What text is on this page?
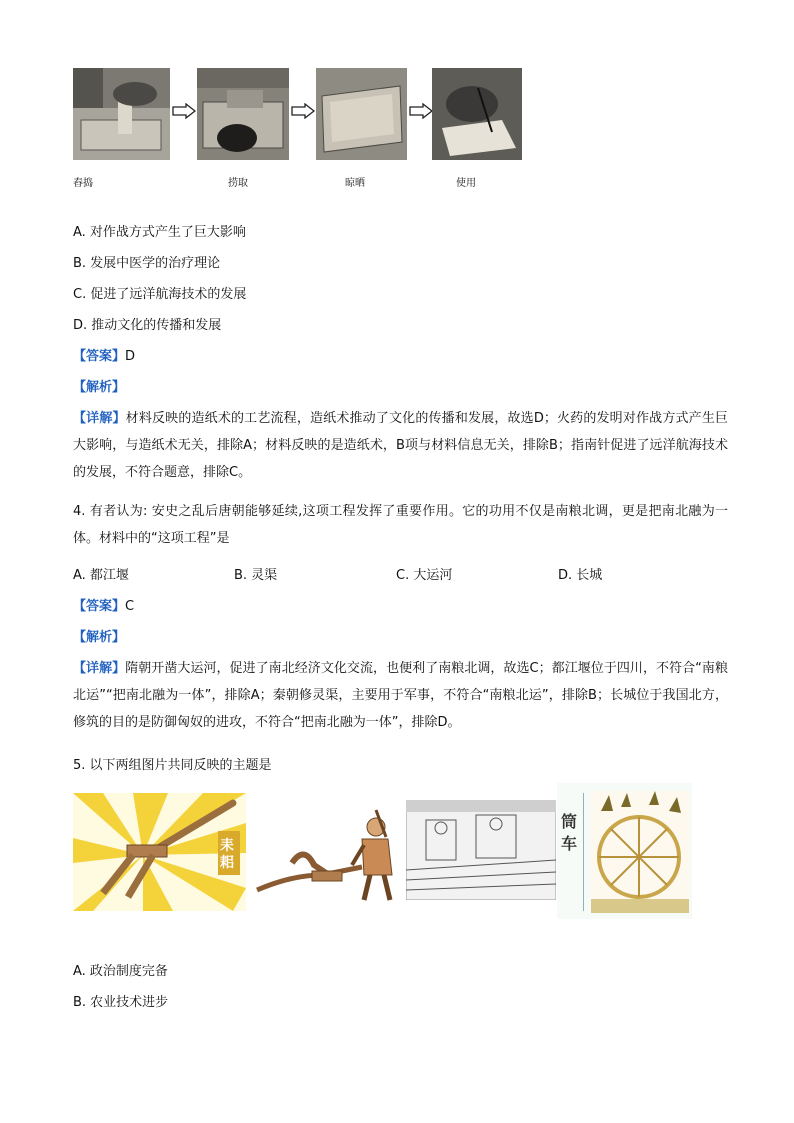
舂捣	捞取	晾晒	使用
A. 对作战方式产生了巨大影响
B. 发展中医学的治疗理论
C. 促进了远洋航海技术的发展
D. 推动文化的传播和发展
【答案】D
【解析】
【详解】材料反映的造纸术的工艺流程，造纸术推动了文化的传播和发展，故选D；火药的发明对作战方式产生巨大影响，与造纸术无关，排除A；材料反映的是造纸术，B项与材料信息无关，排除B；指南针促进了远洋航海技术的发展，不符合题意，排除C。
4. 有者认为: 安史之乱后唐朝能够延续,这项工程发挥了重要作用。它的功用不仅是南粮北调，更是把南北融为一体。材料中的“这项工程”是
A. 都江堰	B. 灵渠	C. 大运河	D. 长城
【答案】C
【解析】
【详解】隋朝开凿大运河，促进了南北经济文化交流，也便利了南粮北调，故选C；都江堰位于四川，不符合“南粮北运”“把南北融为一体”，排除A；秦朝修灵渠，主要用于军事，不符合“南粮北运”，排除B；长城位于我国北方，修筑的目的是防御匈奴的进攻，不符合“把南北融为一体”，排除D。
5. 以下两组图片共同反映的主题是
耒耜
筒车
A. 政治制度完备
B. 农业技术进步
